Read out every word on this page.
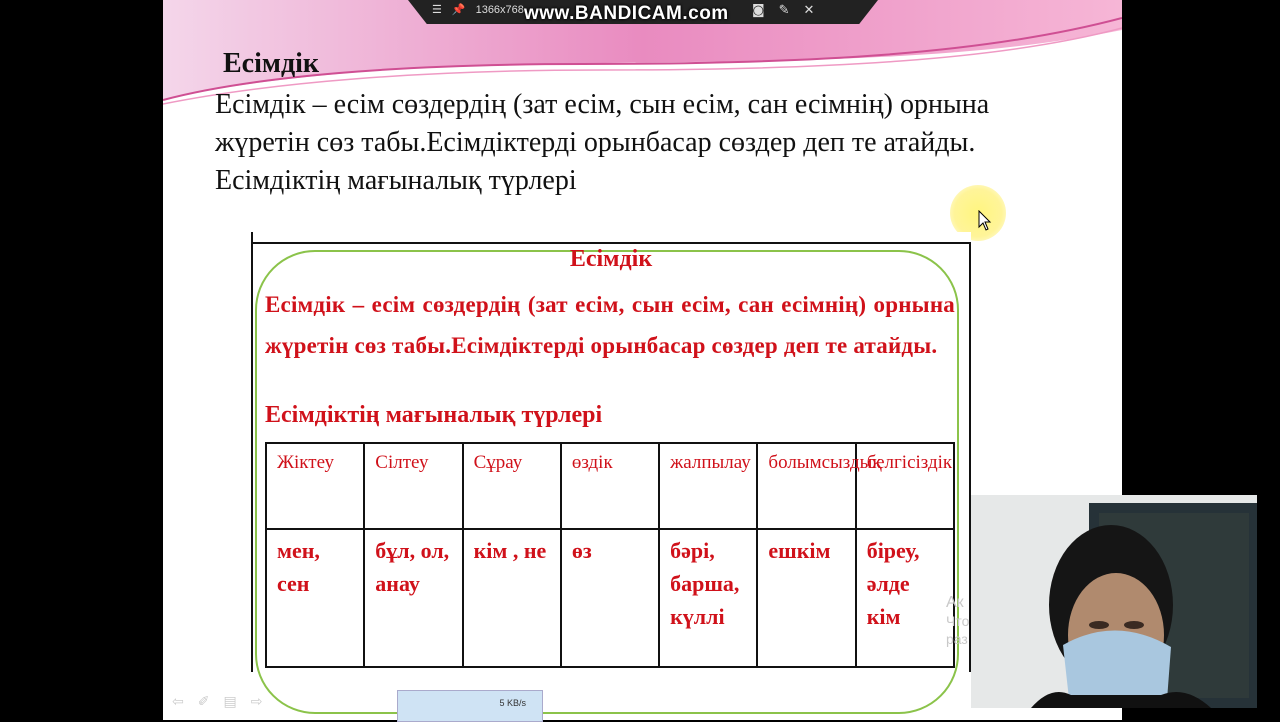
Есімдік
Есімдік – есім сөздердің (зат есім, сын есім, сан есімнің) орнына
жүретін сөз табы.Есімдіктерді орынбасар сөздер деп те атайды.
Есімдіктің мағыналық түрлері
Есімдік
Есімдік – есім сөздердің (зат есім, сын есім, сан есімнің) орнына жүретін сөз табы.Есімдіктерді орынбасар сөздер деп те атайды.
Есімдіктің мағыналық түрлері
Жіктеу	Сілтеу	Сұрау	өздік	жалпылау	болымсыздық	белгісіздік
мен, сен	бұл, ол, анау	кім , не	өз	бәрі, барша, күллі	ешкім	біреу, әлде кім
☰ 📌 1366x768	◙ ✎ ✕
www.BANDICAM.com
Ак
Что
раз
⇦ ✐ ▤ ⇨	5 KB/s
